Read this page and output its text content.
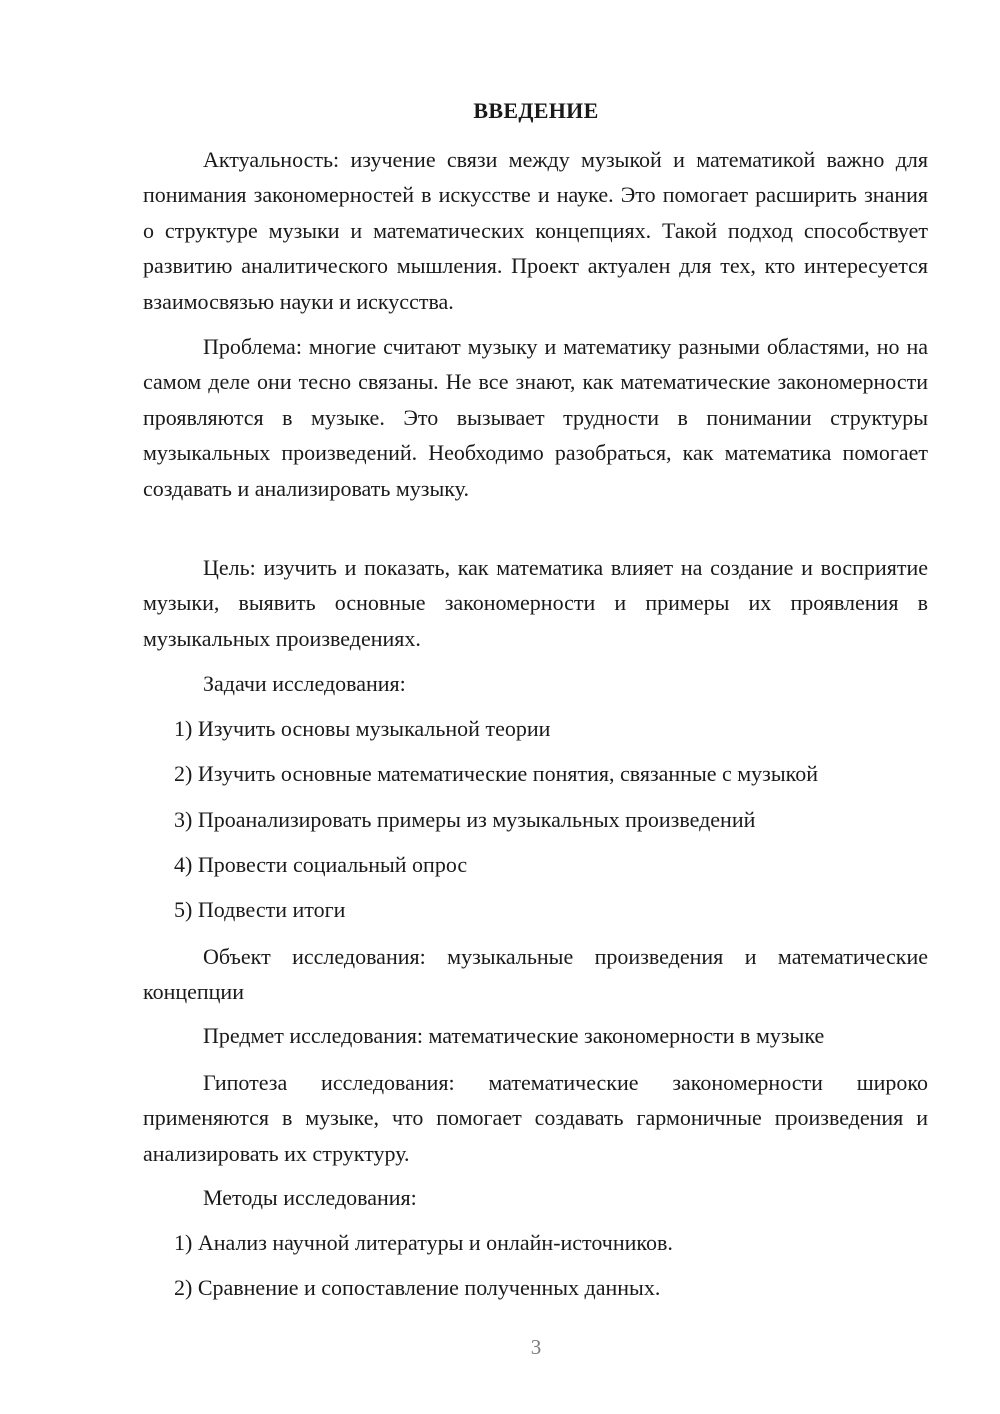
ВВЕДЕНИЕ

Актуальность: изучение связи между музыкой и математикой важно для понимания закономерностей в искусстве и науке. Это помогает расширить знания о структуре музыки и математических концепциях. Такой подход способствует развитию аналитического мышления. Проект актуален для тех, кто интересуется взаимосвязью науки и искусства.

Проблема: многие считают музыку и математику разными областями, но на самом деле они тесно связаны. Не все знают, как математические закономерности проявляются в музыке. Это вызывает трудности в понимании структуры музыкальных произведений. Необходимо разобраться, как математика помогает создавать и анализировать музыку.

Цель: изучить и показать, как математика влияет на создание и восприятие музыки, выявить основные закономерности и примеры их проявления в музыкальных произведениях.

Задачи исследования:
1) Изучить основы музыкальной теории
2) Изучить основные математические понятия, связанные с музыкой
3) Проанализировать примеры из музыкальных произведений
4) Провести социальный опрос
5) Подвести итоги

Объект исследования: музыкальные произведения и математические концепции

Предмет исследования: математические закономерности в музыке

Гипотеза исследования: математические закономерности широко применяются в музыке, что помогает создавать гармоничные произведения и анализировать их структуру.

Методы исследования:
1) Анализ научной литературы и онлайн-источников.
2) Сравнение и сопоставление полученных данных.
3
